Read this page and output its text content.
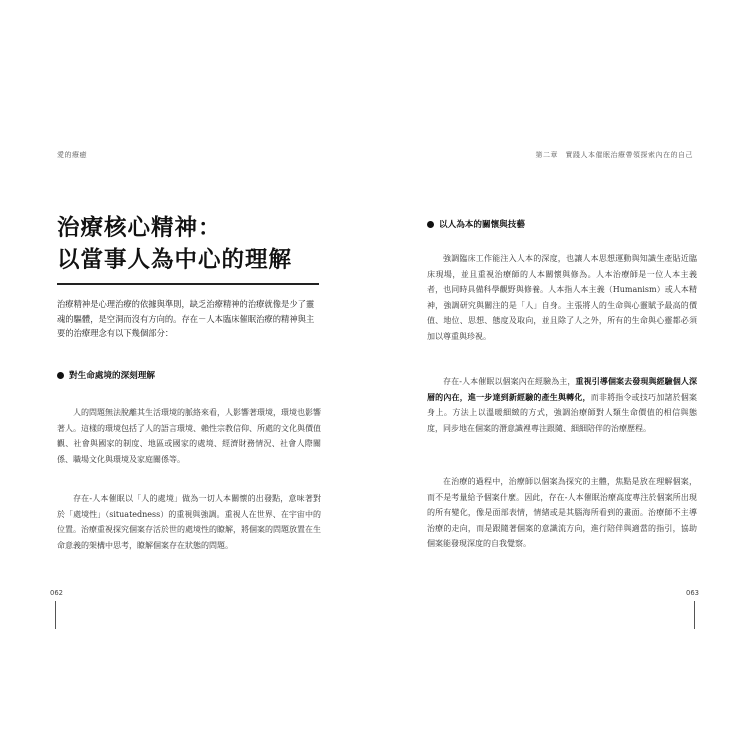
愛的療癒
治療核心精神：
以當事人為中心的理解
治療精神是心理治療的依據與準則，缺乏治療精神的治療就像是少了靈魂的驅體，是空洞而沒有方向的。存在－人本臨床催眠治療的精神與主要的治療理念有以下幾個部分：
對生命處境的深刻理解
人的問題無法脫離其生活環境的脈絡來看，人影響著環境，環境也影響著人。這樣的環境包括了人的語言環境、賴性宗教信仰、所處的文化與價值觀、社會與國家的制度、地區或國家的處境、經濟財務情況、社會人際關係、職場文化與環境及家庭關係等。
存在-人本催眠以「人的處境」做為一切人本關懷的出發點，意味著對於「處境性」（situatedness）的重視與強調。重視人在世界、在宇宙中的位置。治療重視探究個案存活於世的處境性的瞭解，將個案的問題放置在生命意義的架構中思考，瞭解個案存在狀態的問題。
062
第二章　實踐人本催眠治療帶領探索內在的自己
以人為本的關懷與技藝
強調臨床工作能注入人本的深度，也讓人本思想運動與知識生產貼近臨床現場，並且重視治療師的人本關懷與修為。人本治療師是一位人本主義者，也同時具備科學觀野與修養。人本指人本主義（Humanism）或人本精神，強調研究與關注的是「人」自身。主張將人的生命與心靈賦予最高的價值、地位、思想、態度及取向，並且除了人之外，所有的生命與心靈都必須加以尊重與珍視。
存在-人本催眠以個案內在經驗為主，重視引導個案去發現與經驗個人深層的內在，進一步達到新經驗的產生與轉化，而非將指令或技巧加諸於個案身上。方法上以溫暖細緻的方式，強調治療師對人類生命價值的相信與態度，同步地在個案的潛意識裡專注跟隨、細細陪伴的治療歷程。
在治療的過程中，治療師以個案為探究的主體，焦點是放在理解個案，而不是考量給予個案什麼。因此，存在-人本催眠治療高度專注於個案所出現的所有變化，像是面部表情，情緒或是其腦海所看到的畫面。治療師不主導治療的走向，而是跟隨著個案的意識流方向，進行陪伴與適當的指引，協助個案能發現深度的自我覺察。
063
